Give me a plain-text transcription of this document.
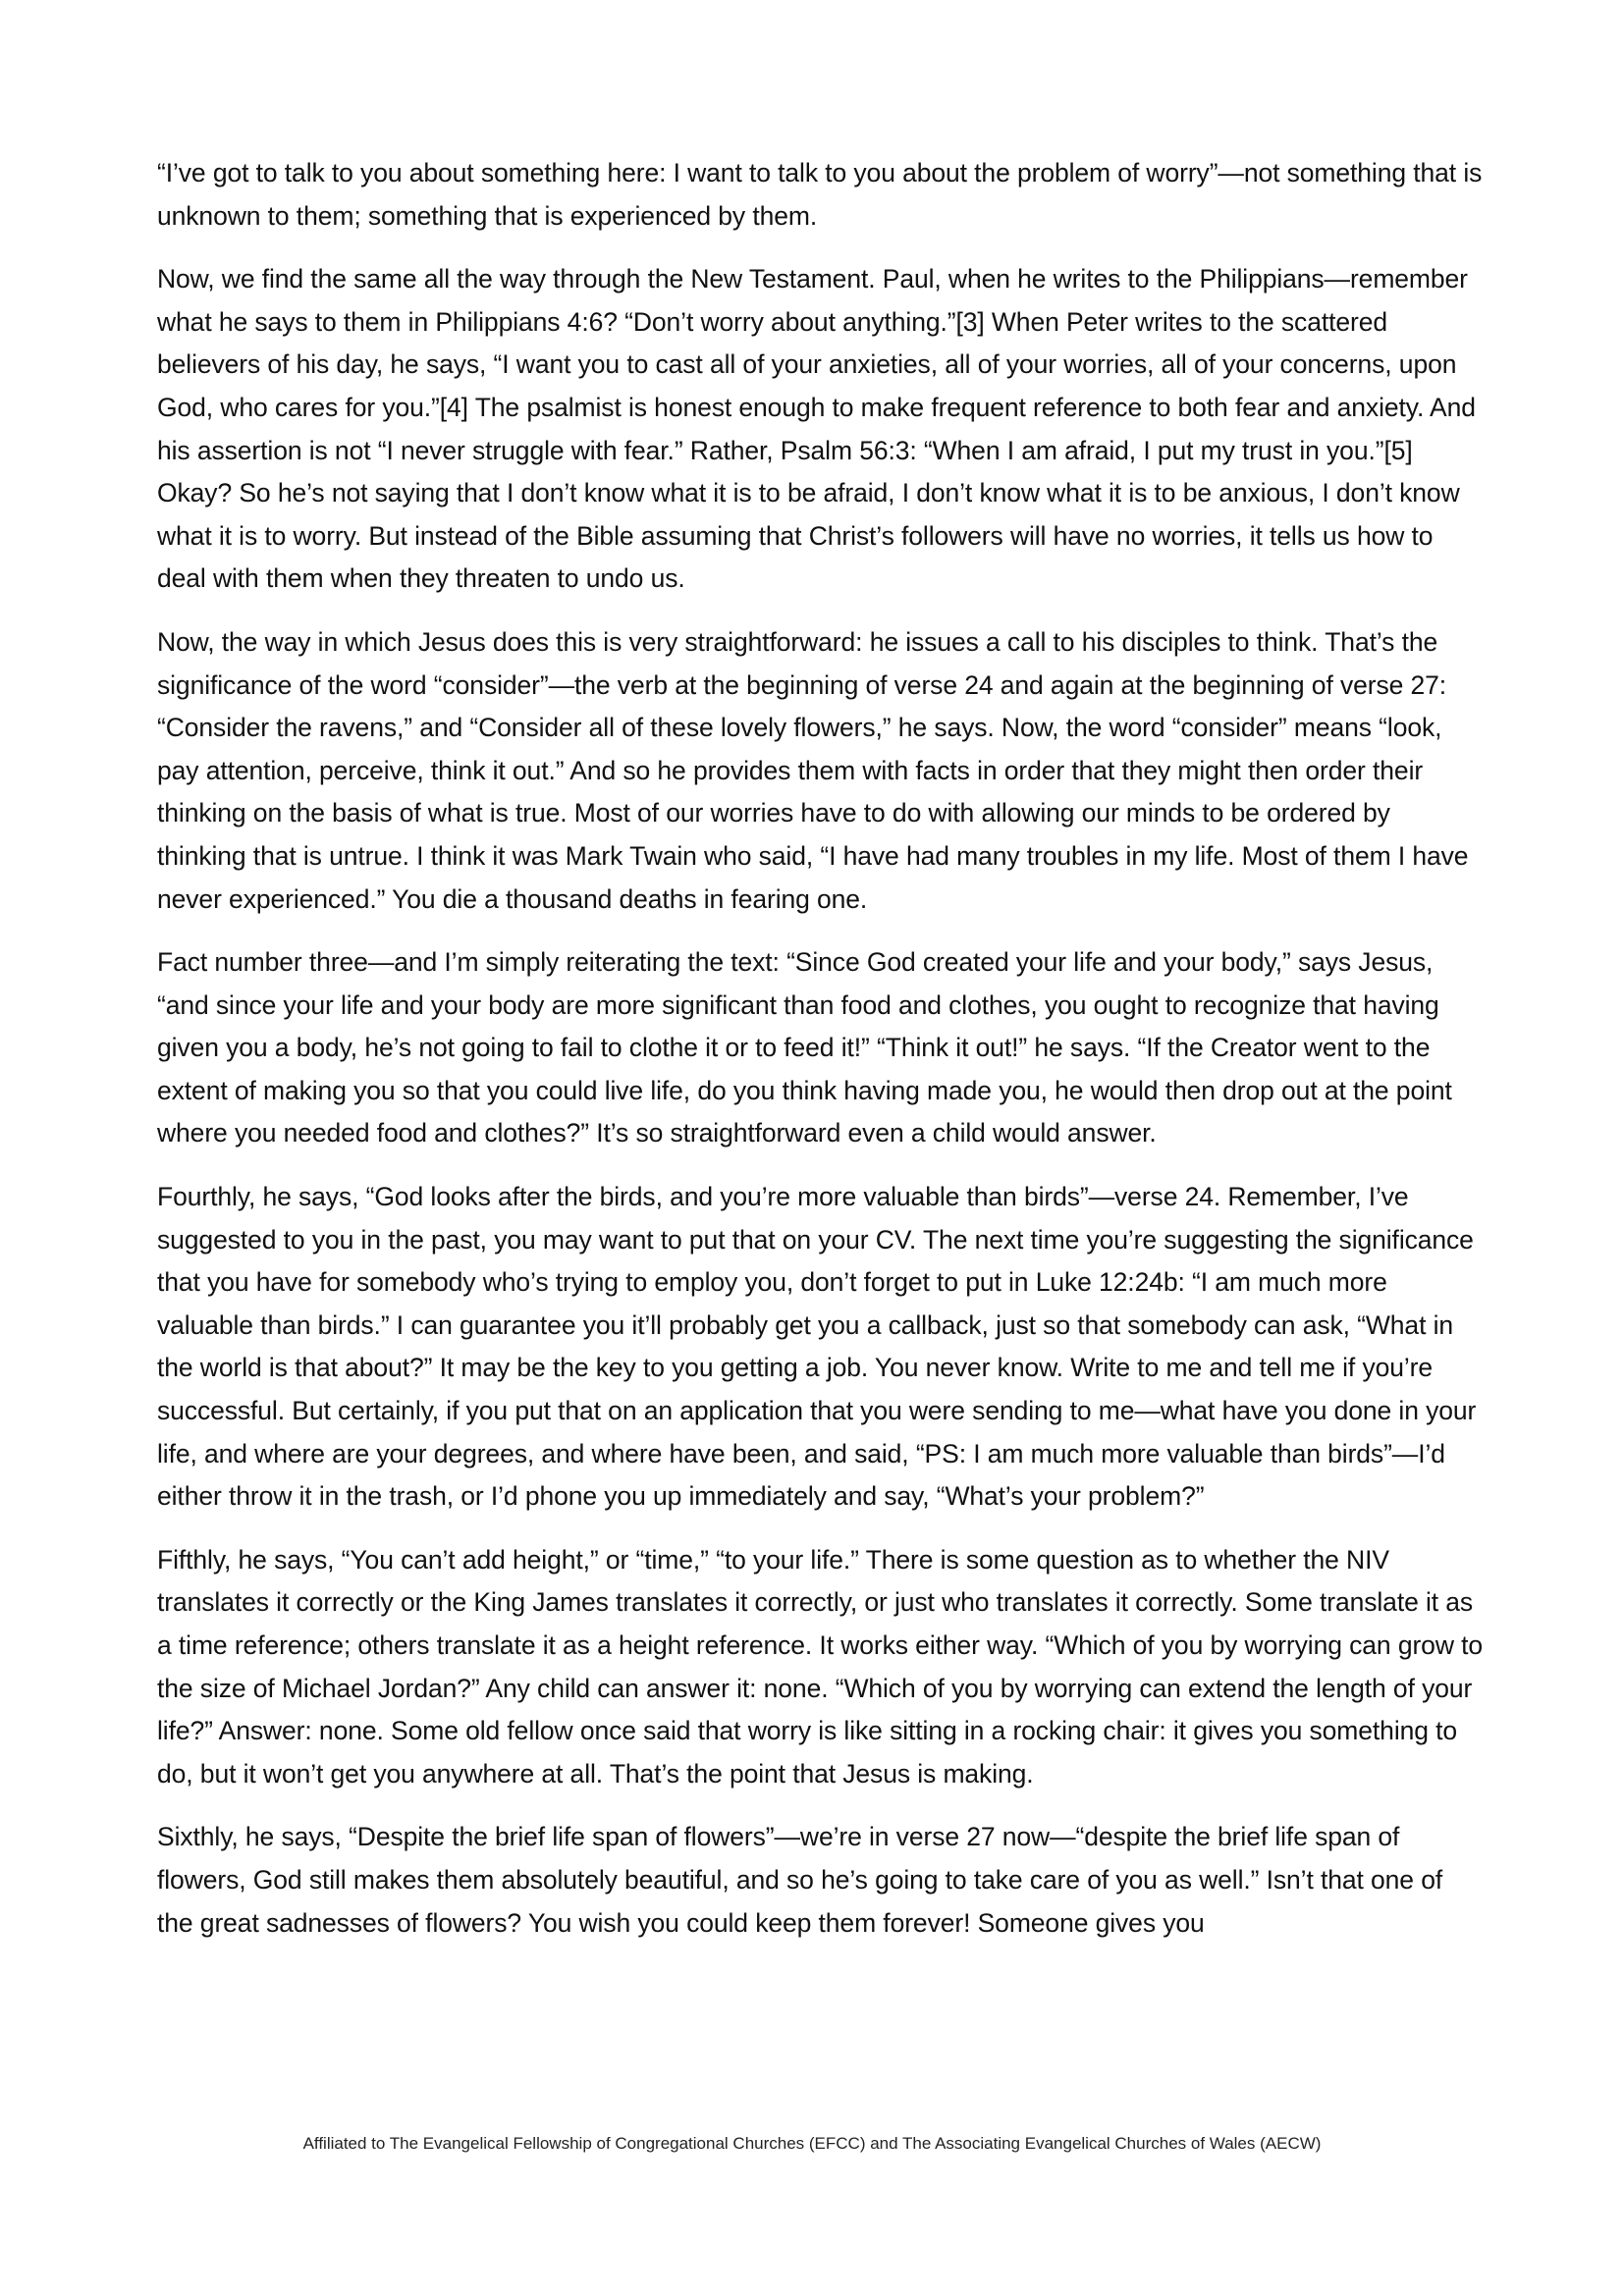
“I’ve got to talk to you about something here: I want to talk to you about the problem of worry”—not something that is unknown to them; something that is experienced by them.

Now, we find the same all the way through the New Testament. Paul, when he writes to the Philippians—remember what he says to them in Philippians 4:6? “Don’t worry about anything.”[3] When Peter writes to the scattered believers of his day, he says, “I want you to cast all of your anxieties, all of your worries, all of your concerns, upon God, who cares for you.”[4] The psalmist is honest enough to make frequent reference to both fear and anxiety. And his assertion is not “I never struggle with fear.” Rather, Psalm 56:3: “When I am afraid, I put my trust in you.”[5] Okay? So he’s not saying that I don’t know what it is to be afraid, I don’t know what it is to be anxious, I don’t know what it is to worry. But instead of the Bible assuming that Christ’s followers will have no worries, it tells us how to deal with them when they threaten to undo us.

Now, the way in which Jesus does this is very straightforward: he issues a call to his disciples to think. That’s the significance of the word “consider”—the verb at the beginning of verse 24 and again at the beginning of verse 27: “Consider the ravens,” and “Consider all of these lovely flowers,” he says. Now, the word “consider” means “look, pay attention, perceive, think it out.” And so he provides them with facts in order that they might then order their thinking on the basis of what is true. Most of our worries have to do with allowing our minds to be ordered by thinking that is untrue. I think it was Mark Twain who said, “I have had many troubles in my life. Most of them I have never experienced.” You die a thousand deaths in fearing one.

Fact number three—and I’m simply reiterating the text: “Since God created your life and your body,” says Jesus, “and since your life and your body are more significant than food and clothes, you ought to recognize that having given you a body, he’s not going to fail to clothe it or to feed it!” “Think it out!” he says. “If the Creator went to the extent of making you so that you could live life, do you think having made you, he would then drop out at the point where you needed food and clothes?” It’s so straightforward even a child would answer.

Fourthly, he says, “God looks after the birds, and you’re more valuable than birds”—verse 24. Remember, I’ve suggested to you in the past, you may want to put that on your CV. The next time you’re suggesting the significance that you have for somebody who’s trying to employ you, don’t forget to put in Luke 12:24b: “I am much more valuable than birds.” I can guarantee you it’ll probably get you a callback, just so that somebody can ask, “What in the world is that about?” It may be the key to you getting a job. You never know. Write to me and tell me if you’re successful. But certainly, if you put that on an application that you were sending to me—what have you done in your life, and where are your degrees, and where have been, and said, “PS: I am much more valuable than birds”—I’d either throw it in the trash, or I’d phone you up immediately and say, “What’s your problem?”

Fifthly, he says, “You can’t add height,” or “time,” “to your life.” There is some question as to whether the NIV translates it correctly or the King James translates it correctly, or just who translates it correctly. Some translate it as a time reference; others translate it as a height reference. It works either way. “Which of you by worrying can grow to the size of Michael Jordan?” Any child can answer it: none. “Which of you by worrying can extend the length of your life?” Answer: none. Some old fellow once said that worry is like sitting in a rocking chair: it gives you something to do, but it won’t get you anywhere at all. That’s the point that Jesus is making.

Sixthly, he says, “Despite the brief life span of flowers”—we’re in verse 27 now—“despite the brief life span of flowers, God still makes them absolutely beautiful, and so he’s going to take care of you as well.” Isn’t that one of the great sadnesses of flowers? You wish you could keep them forever! Someone gives you

Affiliated to The Evangelical Fellowship of Congregational Churches (EFCC) and The Associating Evangelical Churches of Wales (AECW)
